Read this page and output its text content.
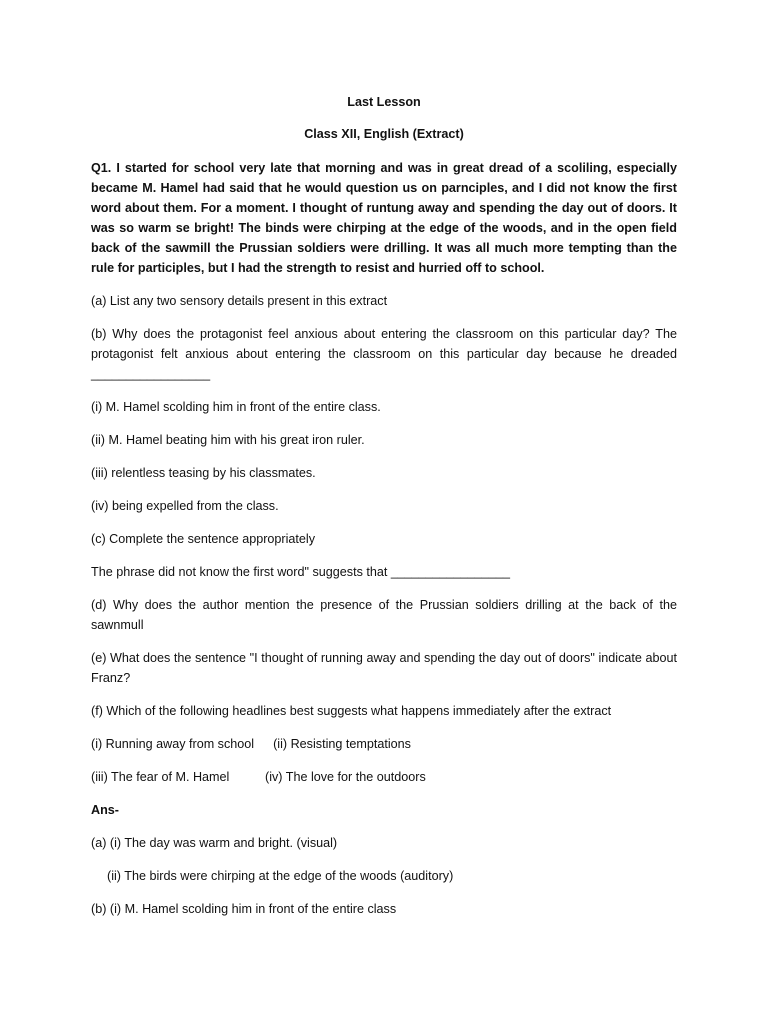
Last Lesson
Class XII, English (Extract)
Q1. I started for school very late that morning and was in great dread of a scoliling, especially became M. Hamel had said that he would question us on parnciples, and I did not know the first word about them. For a moment. I thought of runtung away and spending the day out of doors. It was so warm se bright! The binds were chirping at the edge of the woods, and in the open field back of the sawmill the Prussian soldiers were drilling. It was all much more tempting than the rule for participles, but I had the strength to resist and hurried off to school.
(a) List any two sensory details present in this extract
(b) Why does the protagonist feel anxious about entering the classroom on this particular day? The protagonist felt anxious about entering the classroom on this particular day because he dreaded _________________
(i) M. Hamel scolding him in front of the entire class.
(ii) M. Hamel beating him with his great iron ruler.
(iii) relentless teasing by his classmates.
(iv) being expelled from the class.
(c) Complete the sentence appropriately
The phrase did not know the first word" suggests that _________________
(d) Why does the author mention the presence of the Prussian soldiers drilling at the back of the sawnmull
(e) What does the sentence "I thought of running away and spending the day out of doors" indicate about Franz?
(f) Which of the following headlines best suggests what happens immediately after the extract
(i) Running away from school (ii) Resisting temptations
(iii) The fear of M. Hamel	(iv) The love for the outdoors
Ans-
(a) (i) The day was warm and bright. (visual)
(ii) The birds were chirping at the edge of the woods (auditory)
(b) (i) M. Hamel scolding him in front of the entire class
